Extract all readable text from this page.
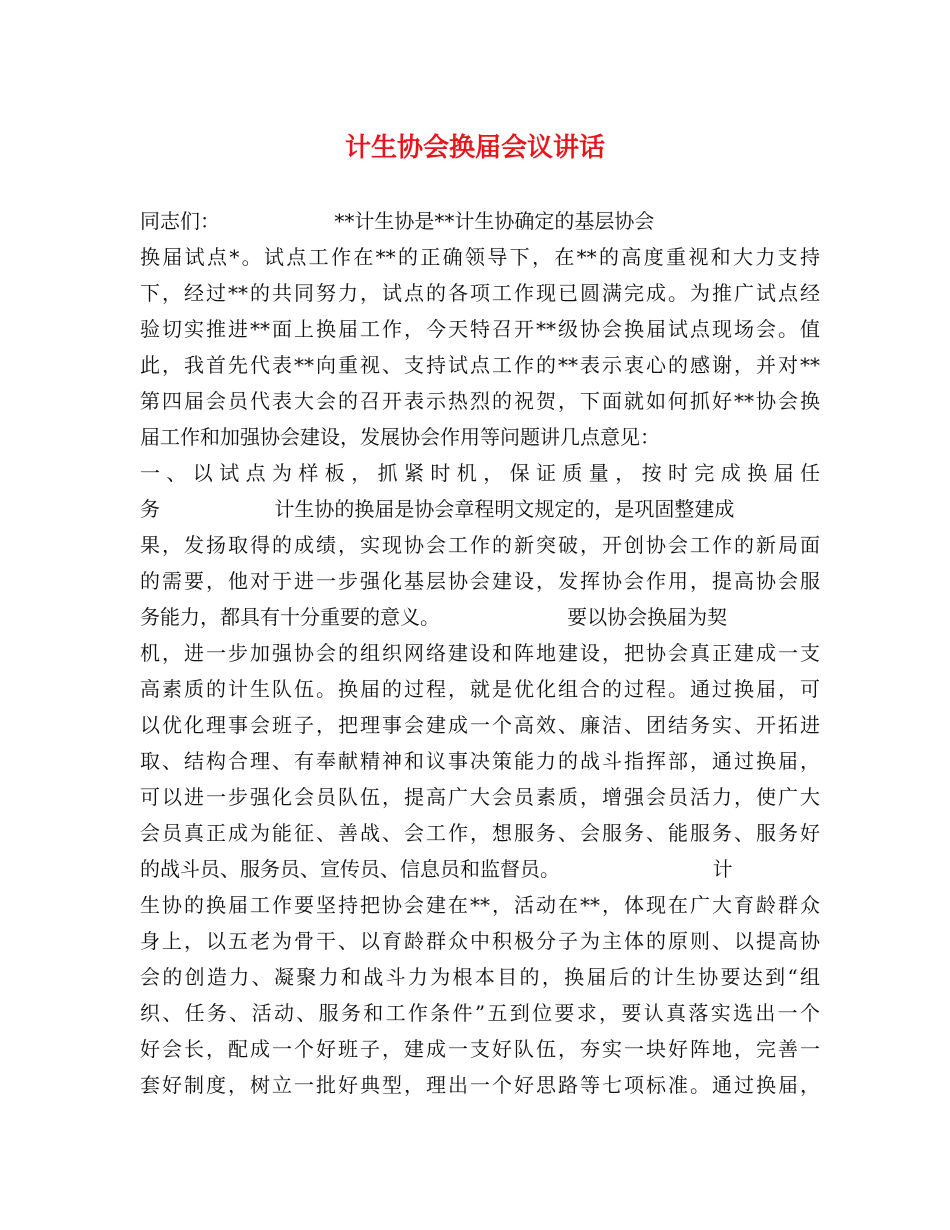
计生协会换届会议讲话
同志们：                  **计生协是**计生协确定的基层协会
换届试点*。试点工作在**的正确领导下，在**的高度重视和大力支持
下，经过**的共同努力，试点的各项工作现已圆满完成。为推广试点经
验切实推进**面上换届工作，今天特召开**级协会换届试点现场会。值
此，我首先代表**向重视、支持试点工作的**表示衷心的感谢，并对**
第四届会员代表大会的召开表示热烈的祝贺，下面就如何抓好**协会换
届工作和加强协会建设，发展协会作用等问题讲几点意见：
一、以试点为样板，抓紧时机，保证质量，按时完成换届任
务                  计生协的换届是协会章程明文规定的，是巩固整建成
果，发扬取得的成绩，实现协会工作的新突破，开创协会工作的新局面
的需要，他对于进一步强化基层协会建设，发挥协会作用，提高协会服
务能力，都具有十分重要的意义。                    要以协会换届为契
机，进一步加强协会的组织网络建设和阵地建设，把协会真正建成一支
高素质的计生队伍。换届的过程，就是优化组合的过程。通过换届，可
以优化理事会班子，把理事会建成一个高效、廉洁、团结务实、开拓进
取、结构合理、有奉献精神和议事决策能力的战斗指挥部，通过换届，
可以进一步强化会员队伍，提高广大会员素质，增强会员活力，使广大
会员真正成为能征、善战、会工作，想服务、会服务、能服务、服务好
的战斗员、服务员、宣传员、信息员和监督员。                        计
生协的换届工作要坚持把协会建在**，活动在**，体现在广大育龄群众
身上，以五老为骨干、以育龄群众中积极分子为主体的原则、以提高协
会的创造力、凝聚力和战斗力为根本目的，换届后的计生协要达到“组
织、任务、活动、服务和工作条件”五到位要求，要认真落实选出一个
好会长，配成一个好班子，建成一支好队伍，夯实一块好阵地，完善一
套好制度，树立一批好典型，理出一个好思路等七项标准。通过换届，
